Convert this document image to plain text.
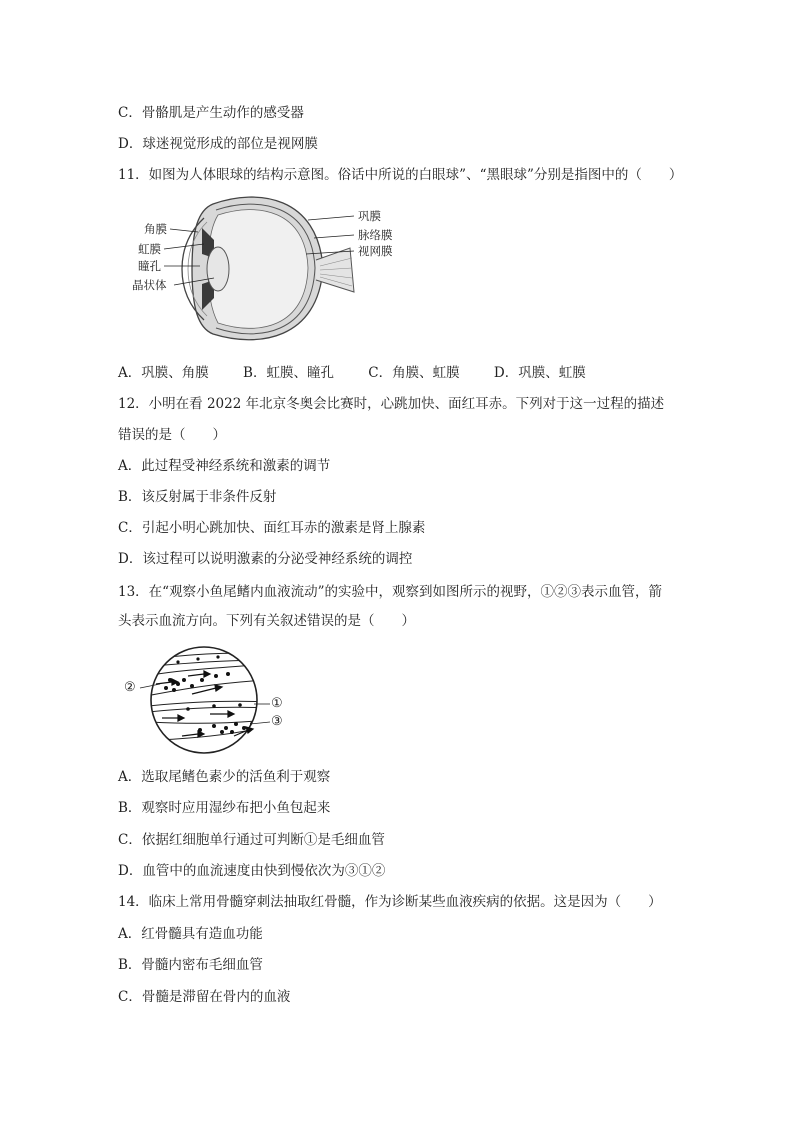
C．骨骼肌是产生动作的感受器
D．球迷视觉形成的部位是视网膜
11．如图为人体眼球的结构示意图。俗话中所说的白眼球”、“黑眼球”分别是指图中的（　　）
角膜
虹膜
瞳孔
晶状体
巩膜
脉络膜
视网膜
A．巩膜、角膜	B．虹膜、瞳孔	C．角膜、虹膜	D．巩膜、虹膜
12．小明在看 2022 年北京冬奥会比赛时，心跳加快、面红耳赤。下列对于这一过程的描述
错误的是（　　）
A．此过程受神经系统和激素的调节
B．该反射属于非条件反射
C．引起小明心跳加快、面红耳赤的激素是肾上腺素
D．该过程可以说明激素的分泌受神经系统的调控
13．在“观察小鱼尾鳍内血液流动”的实验中，观察到如图所示的视野，①②③表示血管，箭
头表示血流方向。下列有关叙述错误的是（　　）
②
①
③
A．选取尾鳍色素少的活鱼利于观察
B．观察时应用湿纱布把小鱼包起来
C．依据红细胞单行通过可判断①是毛细血管
D．血管中的血流速度由快到慢依次为③①②
14．临床上常用骨髓穿刺法抽取红骨髓，作为诊断某些血液疾病的依据。这是因为（　　）
A．红骨髓具有造血功能
B．骨髓内密布毛细血管
C．骨髓是滞留在骨内的血液
